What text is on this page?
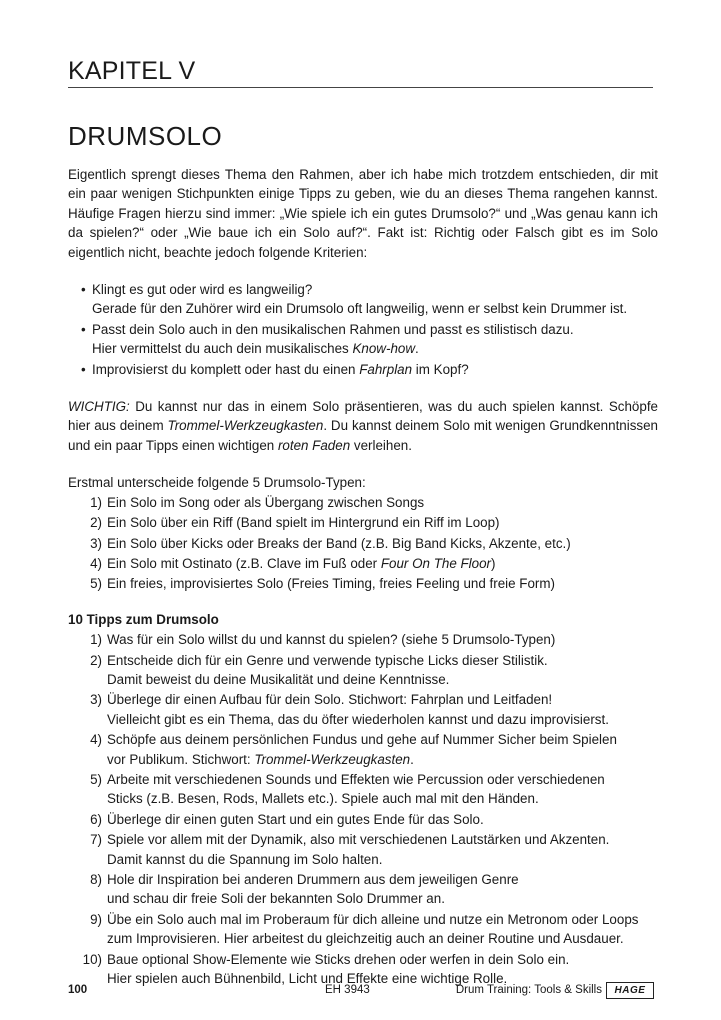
KAPITEL V
DRUMSOLO

Eigentlich sprengt dieses Thema den Rahmen, aber ich habe mich trotzdem entschieden, dir mit ein paar wenigen Stichpunkten einige Tipps zu geben, wie du an dieses Thema rangehen kannst. Häufige Fragen hierzu sind immer: „Wie spiele ich ein gutes Drumsolo?“ und „Was genau kann ich da spielen?“ oder „Wie baue ich ein Solo auf?“. Fakt ist: Richtig oder Falsch gibt es im Solo eigentlich nicht, beachte jedoch folgende Kriterien:

• Klingt es gut oder wird es langweilig?
Gerade für den Zuhörer wird ein Drumsolo oft langweilig, wenn er selbst kein Drummer ist.
• Passt dein Solo auch in den musikalischen Rahmen und passt es stilistisch dazu.
Hier vermittelst du auch dein musikalisches Know-how.
• Improvisierst du komplett oder hast du einen Fahrplan im Kopf?

WICHTIG: Du kannst nur das in einem Solo präsentieren, was du auch spielen kannst. Schöpfe hier aus deinem Trommel-Werkzeugkasten. Du kannst deinem Solo mit wenigen Grundkenntnissen und ein paar Tipps einen wichtigen roten Faden verleihen.

Erstmal unterscheide folgende 5 Drumsolo-Typen:

1) Ein Solo im Song oder als Übergang zwischen Songs
2) Ein Solo über ein Riff (Band spielt im Hintergrund ein Riff im Loop)
3) Ein Solo über Kicks oder Breaks der Band (z.B. Big Band Kicks, Akzente, etc.)
4) Ein Solo mit Ostinato (z.B. Clave im Fuß oder Four On The Floor)
5) Ein freies, improvisiertes Solo (Freies Timing, freies Feeling und freie Form)

10 Tipps zum Drumsolo

1) Was für ein Solo willst du und kannst du spielen? (siehe 5 Drumsolo-Typen)
2) Entscheide dich für ein Genre und verwende typische Licks dieser Stilistik.
Damit beweist du deine Musikalität und deine Kenntnisse.
3) Überlege dir einen Aufbau für dein Solo. Stichwort: Fahrplan und Leitfaden!
Vielleicht gibt es ein Thema, das du öfter wiederholen kannst und dazu improvisierst.
4) Schöpfe aus deinem persönlichen Fundus und gehe auf Nummer Sicher beim Spielen
vor Publikum. Stichwort: Trommel-Werkzeugkasten.
5) Arbeite mit verschiedenen Sounds und Effekten wie Percussion oder verschiedenen
Sticks (z.B. Besen, Rods, Mallets etc.). Spiele auch mal mit den Händen.
6) Überlege dir einen guten Start und ein gutes Ende für das Solo.
7) Spiele vor allem mit der Dynamik, also mit verschiedenen Lautstärken und Akzenten.
Damit kannst du die Spannung im Solo halten.
8) Hole dir Inspiration bei anderen Drummern aus dem jeweiligen Genre
und schau dir freie Soli der bekannten Solo Drummer an.
9) Übe ein Solo auch mal im Proberaum für dich alleine und nutze ein Metronom oder Loops
zum Improvisieren. Hier arbeitest du gleichzeitig auch an deiner Routine und Ausdauer.
10) Baue optional Show-Elemente wie Sticks drehen oder werfen in dein Solo ein.
Hier spielen auch Bühnenbild, Licht und Effekte eine wichtige Rolle.
100	EH 3943	Drum Training: Tools & Skills	HAGE
